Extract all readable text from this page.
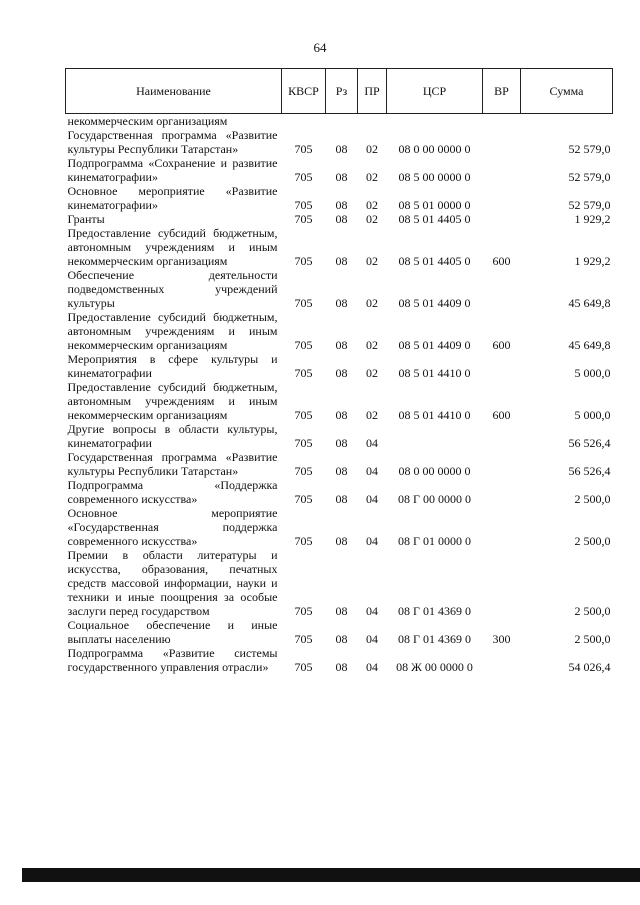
64
Наименование	КВСР	Рз	ПР	ЦСР	ВР	Сумма
некоммерческим организациям						
Государственная программа «Развитие культуры Республики Татарстан»	705	08	02	08 0 00 0000 0		52 579,0
Подпрограмма «Сохранение и развитие кинематографии»	705	08	02	08 5 00 0000 0		52 579,0
Основное мероприятие «Развитие кинематографии»	705	08	02	08 5 01 0000 0		52 579,0
Гранты	705	08	02	08 5 01 4405 0		1 929,2
Предоставление субсидий бюджетным, автономным учреждениям и иным некоммерческим организациям	705	08	02	08 5 01 4405 0	600	1 929,2
Обеспечение деятельности подведомственных учреждений культуры	705	08	02	08 5 01 4409 0		45 649,8
Предоставление субсидий бюджетным, автономным учреждениям и иным некоммерческим организациям	705	08	02	08 5 01 4409 0	600	45 649,8
Мероприятия в сфере культуры и кинематографии	705	08	02	08 5 01 4410 0		5 000,0
Предоставление субсидий бюджетным, автономным учреждениям и иным некоммерческим организациям	705	08	02	08 5 01 4410 0	600	5 000,0
Другие вопросы в области культуры, кинематографии	705	08	04			56 526,4
Государственная программа «Развитие культуры Республики Татарстан»	705	08	04	08 0 00 0000 0		56 526,4
Подпрограмма «Поддержка современного искусства»	705	08	04	08 Г 00 0000 0		2 500,0
Основное мероприятие «Государственная поддержка современного искусства»	705	08	04	08 Г 01 0000 0		2 500,0
Премии в области литературы и искусства, образования, печатных средств массовой информации, науки и техники и иные поощрения за особые заслуги перед государством	705	08	04	08 Г 01 4369 0		2 500,0
Социальное обеспечение и иные выплаты населению	705	08	04	08 Г 01 4369 0	300	2 500,0
Подпрограмма «Развитие системы государственного управления отрасли»	705	08	04	08 Ж 00 0000 0		54 026,4
